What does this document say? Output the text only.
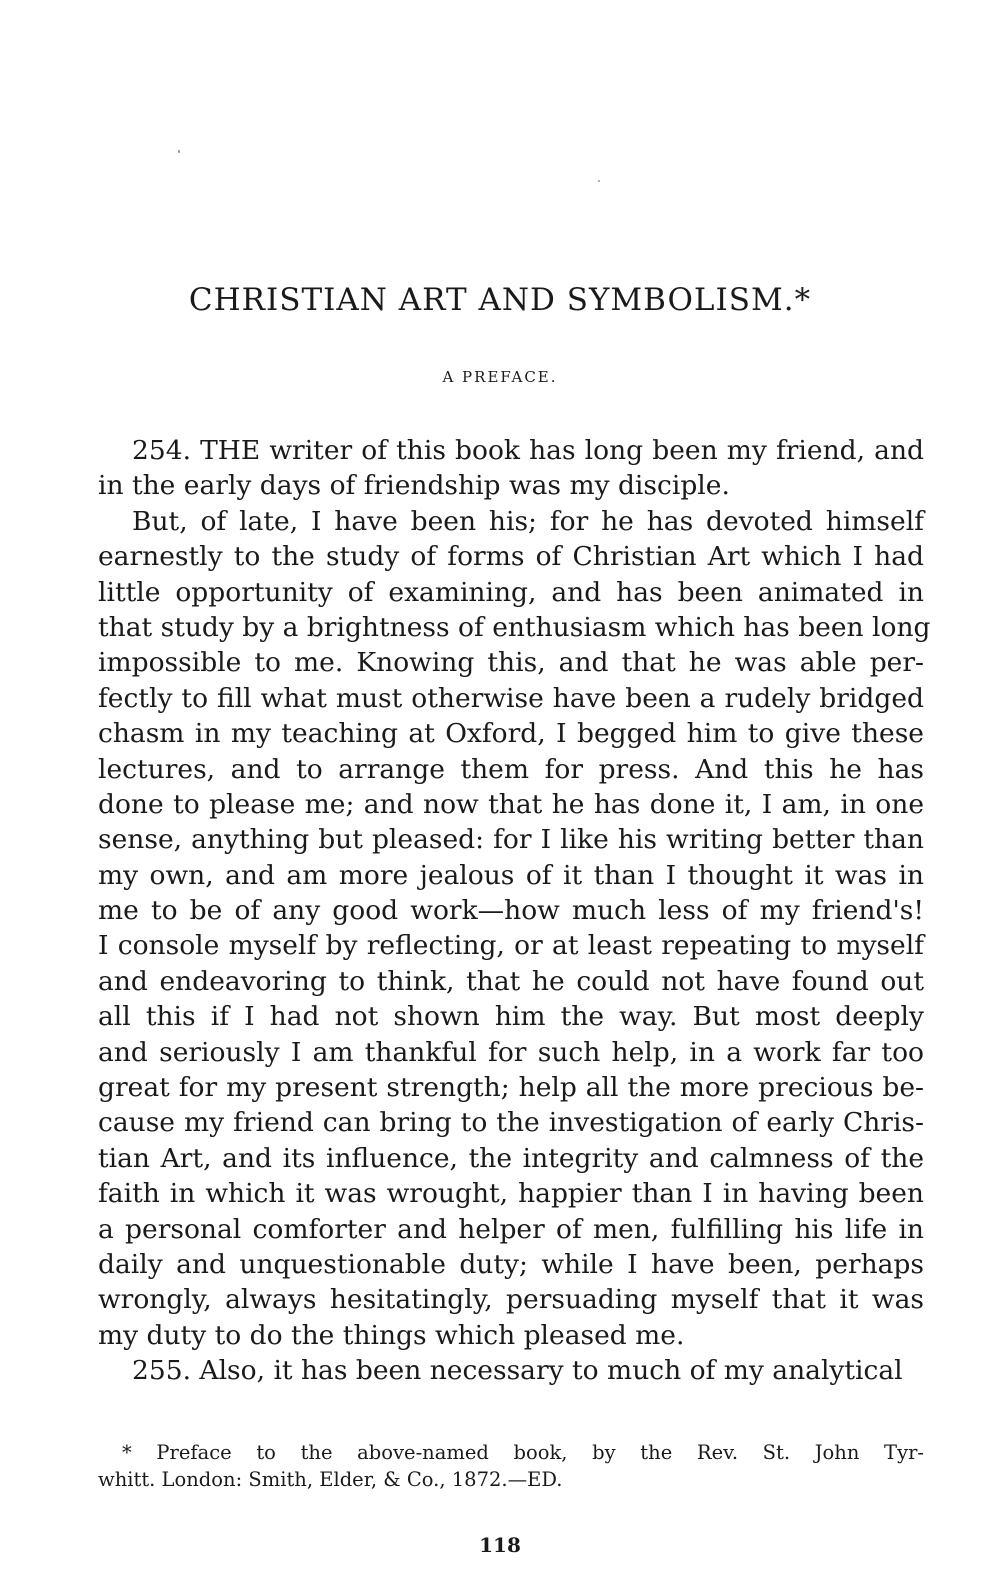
CHRISTIAN ART AND SYMBOLISM.*
A PREFACE.
254. THE writer of this book has long been my friend, and
in the early days of friendship was my disciple.
But, of late, I have been his; for he has devoted himself
earnestly to the study of forms of Christian Art which I had
little opportunity of examining, and has been animated in
that study by a brightness of enthusiasm which has been long
impossible to me. Knowing this, and that he was able per-
fectly to fill what must otherwise have been a rudely bridged
chasm in my teaching at Oxford, I begged him to give these
lectures, and to arrange them for press. And this he has
done to please me; and now that he has done it, I am, in one
sense, anything but pleased: for I like his writing better than
my own, and am more jealous of it than I thought it was in
me to be of any good work—how much less of my friend's!
I console myself by reflecting, or at least repeating to myself
and endeavoring to think, that he could not have found out
all this if I had not shown him the way. But most deeply
and seriously I am thankful for such help, in a work far too
great for my present strength; help all the more precious be-
cause my friend can bring to the investigation of early Chris-
tian Art, and its influence, the integrity and calmness of the
faith in which it was wrought, happier than I in having been
a personal comforter and helper of men, fulfilling his life in
daily and unquestionable duty; while I have been, perhaps
wrongly, always hesitatingly, persuading myself that it was
my duty to do the things which pleased me.
255. Also, it has been necessary to much of my analytical
* Preface to the above-named book, by the Rev. St. John Tyr-
whitt. London: Smith, Elder, & Co., 1872.—ED.
118
